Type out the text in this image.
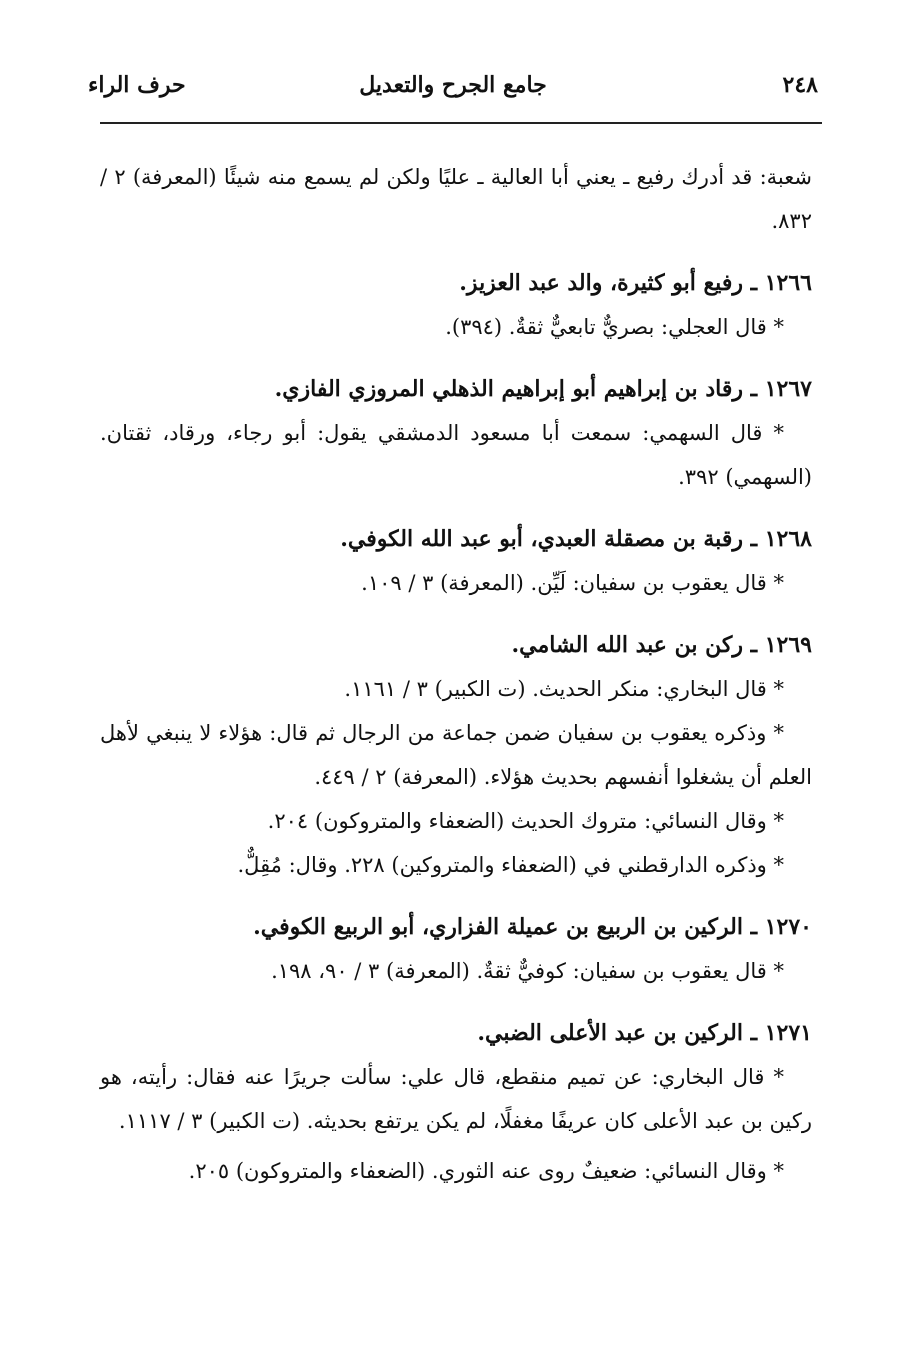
٢٤٨
جامع الجرح والتعديل
حرف الراء

شعبة: قد أدرك رفيع ـ يعني أبا العالية ـ عليًا ولكن لم يسمع منه شيئًا (المعرفة) ٢ / ٨٣٢.

١٢٦٦ ـ رفيع أبو كثيرة، والد عبد العزيز.

* قال العجلي: بصريٌّ تابعيٌّ ثقةٌ. (٣٩٤).

١٢٦٧ ـ رقاد بن إبراهيم أبو إبراهيم الذهلي المروزي الفازي.

* قال السهمي: سمعت أبا مسعود الدمشقي يقول: أبو رجاء، ورقاد، ثقتان. (السهمي) ٣٩٢.

١٢٦٨ ـ رقبة بن مصقلة العبدي، أبو عبد الله الكوفي.

* قال يعقوب بن سفيان: لَيِّن. (المعرفة) ٣ / ١٠٩.

١٢٦٩ ـ ركن بن عبد الله الشامي.

* قال البخاري: منكر الحديث. (ت الكبير) ٣ / ١١٦١.

* وذكره يعقوب بن سفيان ضمن جماعة من الرجال ثم قال: هؤلاء لا ينبغي لأهل العلم أن يشغلوا أنفسهم بحديث هؤلاء. (المعرفة) ٢ / ٤٤٩.

* وقال النسائي: متروك الحديث (الضعفاء والمتروكون) ٢٠٤.

* وذكره الدارقطني في (الضعفاء والمتروكين) ٢٢٨. وقال: مُقِلٌّ.

١٢٧٠ ـ الركين بن الربيع بن عميلة الفزاري، أبو الربيع الكوفي.

* قال يعقوب بن سفيان: كوفيٌّ ثقةٌ. (المعرفة) ٣ / ٩٠، ١٩٨.

١٢٧١ ـ الركين بن عبد الأعلى الضبي.

* قال البخاري: عن تميم منقطع، قال علي: سألت جريرًا عنه فقال: رأيته، هو ركين بن عبد الأعلى كان عريفًا مغفلًا، لم يكن يرتفع بحديثه. (ت الكبير) ٣ / ١١١٧.

* وقال النسائي: ضعيفٌ روى عنه الثوري. (الضعفاء والمتروكون) ٢٠٥.
